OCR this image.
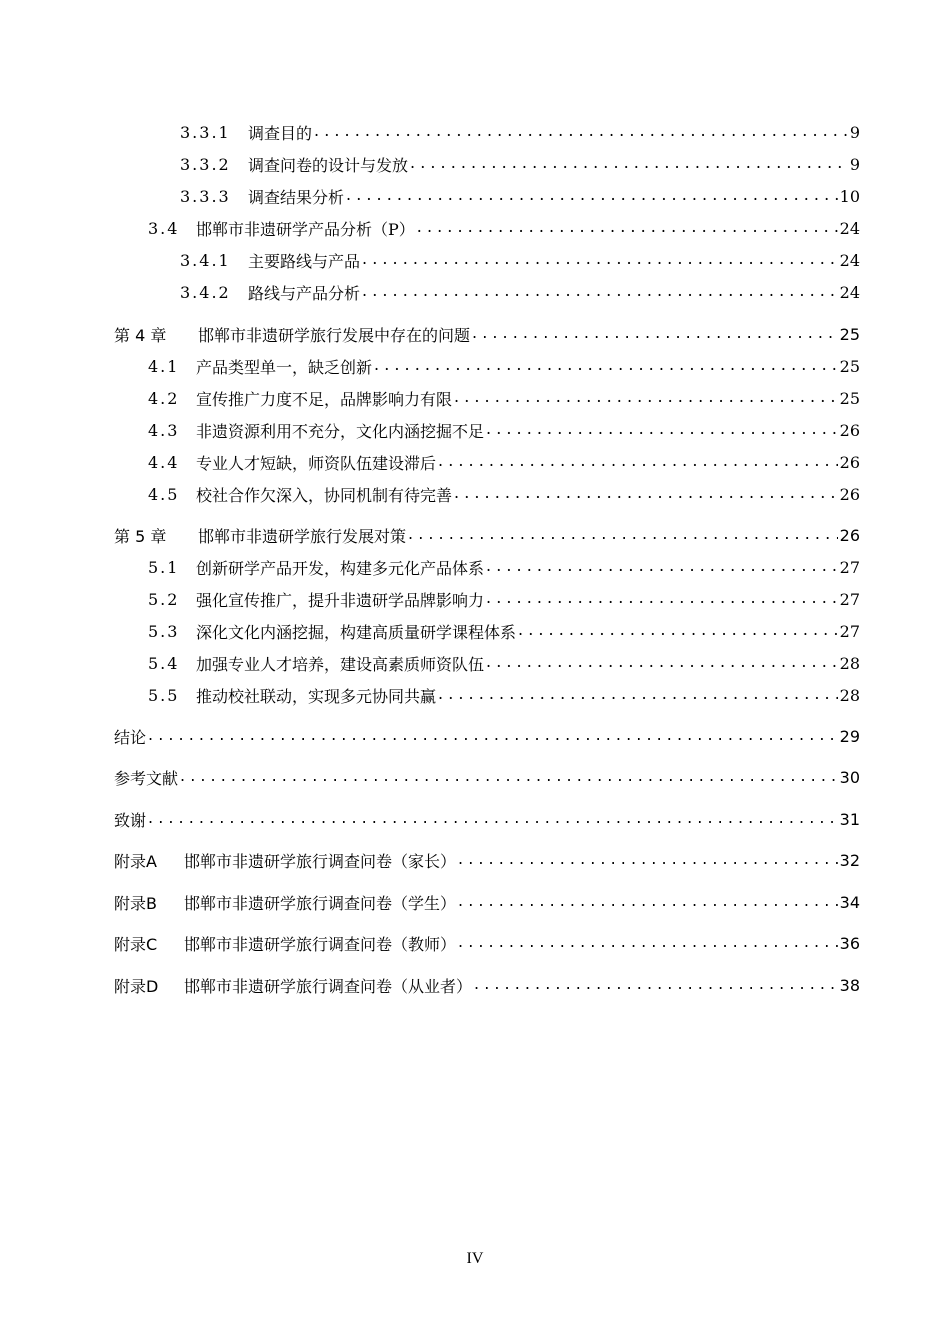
3.3.1	调查目的 . . .	9
3.3.2	调查问卷的设计与发放 . . .	9
3.3.3	调查结果分析 . . .	10
3.4	邯郸市非遗研学产品分析（P） . . .	24
3.4.1	主要路线与产品 . . .	24
3.4.2	路线与产品分析 . . .	24
第 4 章	邯郸市非遗研学旅行发展中存在的问题 . . .	25
4.1	产品类型单一，缺乏创新 . . .	25
4.2	宣传推广力度不足，品牌影响力有限 . . .	25
4.3	非遗资源利用不充分，文化内涵挖掘不足 . . .	26
4.4	专业人才短缺，师资队伍建设滞后 . . .	26
4.5	校社合作欠深入，协同机制有待完善 . . .	26
第 5 章	邯郸市非遗研学旅行发展对策 . . .	26
5.1	创新研学产品开发，构建多元化产品体系 . . .	27
5.2	强化宣传推广，提升非遗研学品牌影响力 . . .	27
5.3	深化文化内涵挖掘，构建高质量研学课程体系 . . .	27
5.4	加强专业人才培养，建设高素质师资队伍 . . .	28
5.5	推动校社联动，实现多元协同共赢 . . .	28
结论 . . .	29
参考文献 . . .	30
致谢 . . .	31
附录A	邯郸市非遗研学旅行调查问卷（家长） . . .	32
附录B	邯郸市非遗研学旅行调查问卷（学生） . . .	34
附录C	邯郸市非遗研学旅行调查问卷（教师） . . .	36
附录D	邯郸市非遗研学旅行调查问卷（从业者） . . .	38
IV
